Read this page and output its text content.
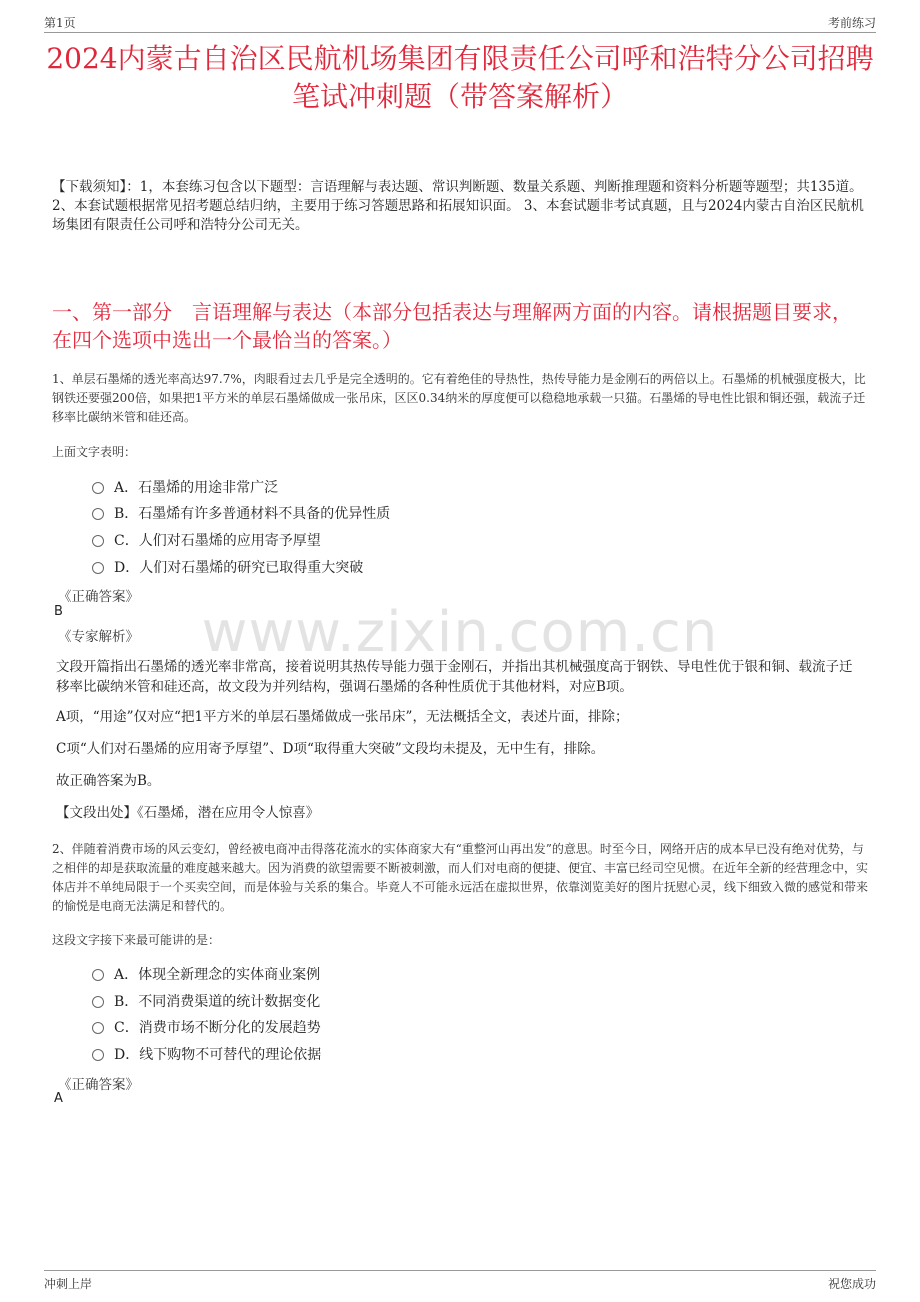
第1页	考前练习
2024内蒙古自治区民航机场集团有限责任公司呼和浩特分公司招聘笔试冲刺题（带答案解析）
【下载须知】：1，本套练习包含以下题型：言语理解与表达题、常识判断题、数量关系题、判断推理题和资料分析题等题型；共135道。 2、本套试题根据常见招考题总结归纳，主要用于练习答题思路和拓展知识面。 3、本套试题非考试真题，且与2024内蒙古自治区民航机场集团有限责任公司呼和浩特分公司无关。
一、第一部分　言语理解与表达（本部分包括表达与理解两方面的内容。请根据题目要求，在四个选项中选出一个最恰当的答案。）
1、单层石墨烯的透光率高达97.7%，肉眼看过去几乎是完全透明的。它有着绝佳的导热性，热传导能力是金刚石的两倍以上。石墨烯的机械强度极大，比钢铁还要强200倍，如果把1平方米的单层石墨烯做成一张吊床，区区0.34纳米的厚度便可以稳稳地承载一只猫。石墨烯的导电性比银和铜还强，载流子迁移率比碳纳米管和硅还高。
上面文字表明：
A．石墨烯的用途非常广泛
B．石墨烯有许多普通材料不具备的优异性质
C．人们对石墨烯的应用寄予厚望
D．人们对石墨烯的研究已取得重大突破
《正确答案》
B
《专家解析》	www.zixin.com.cn
文段开篇指出石墨烯的透光率非常高，接着说明其热传导能力强于金刚石，并指出其机械强度高于钢铁、导电性优于银和铜、载流子迁移率比碳纳米管和硅还高，故文段为并列结构，强调石墨烯的各种性质优于其他材料，对应B项。
A项，“用途”仅对应“把1平方米的单层石墨烯做成一张吊床”，无法概括全文，表述片面，排除；
C项“人们对石墨烯的应用寄予厚望”、D项“取得重大突破”文段均未提及，无中生有，排除。
故正确答案为B。
【文段出处】《石墨烯，潜在应用令人惊喜》
2、伴随着消费市场的风云变幻，曾经被电商冲击得落花流水的实体商家大有“重整河山再出发”的意思。时至今日，网络开店的成本早已没有绝对优势，与之相伴的却是获取流量的难度越来越大。因为消费的欲望需要不断被刺激，而人们对电商的便捷、便宜、丰富已经司空见惯。在近年全新的经营理念中，实体店并不单纯局限于一个买卖空间，而是体验与关系的集合。毕竟人不可能永远活在虚拟世界，依靠浏览美好的图片抚慰心灵，线下细致入微的感觉和带来的愉悦是电商无法满足和替代的。
这段文字接下来最可能讲的是：
A．体现全新理念的实体商业案例
B．不同消费渠道的统计数据变化
C．消费市场不断分化的发展趋势
D．线下购物不可替代的理论依据
《正确答案》
A
冲刺上岸	祝您成功
